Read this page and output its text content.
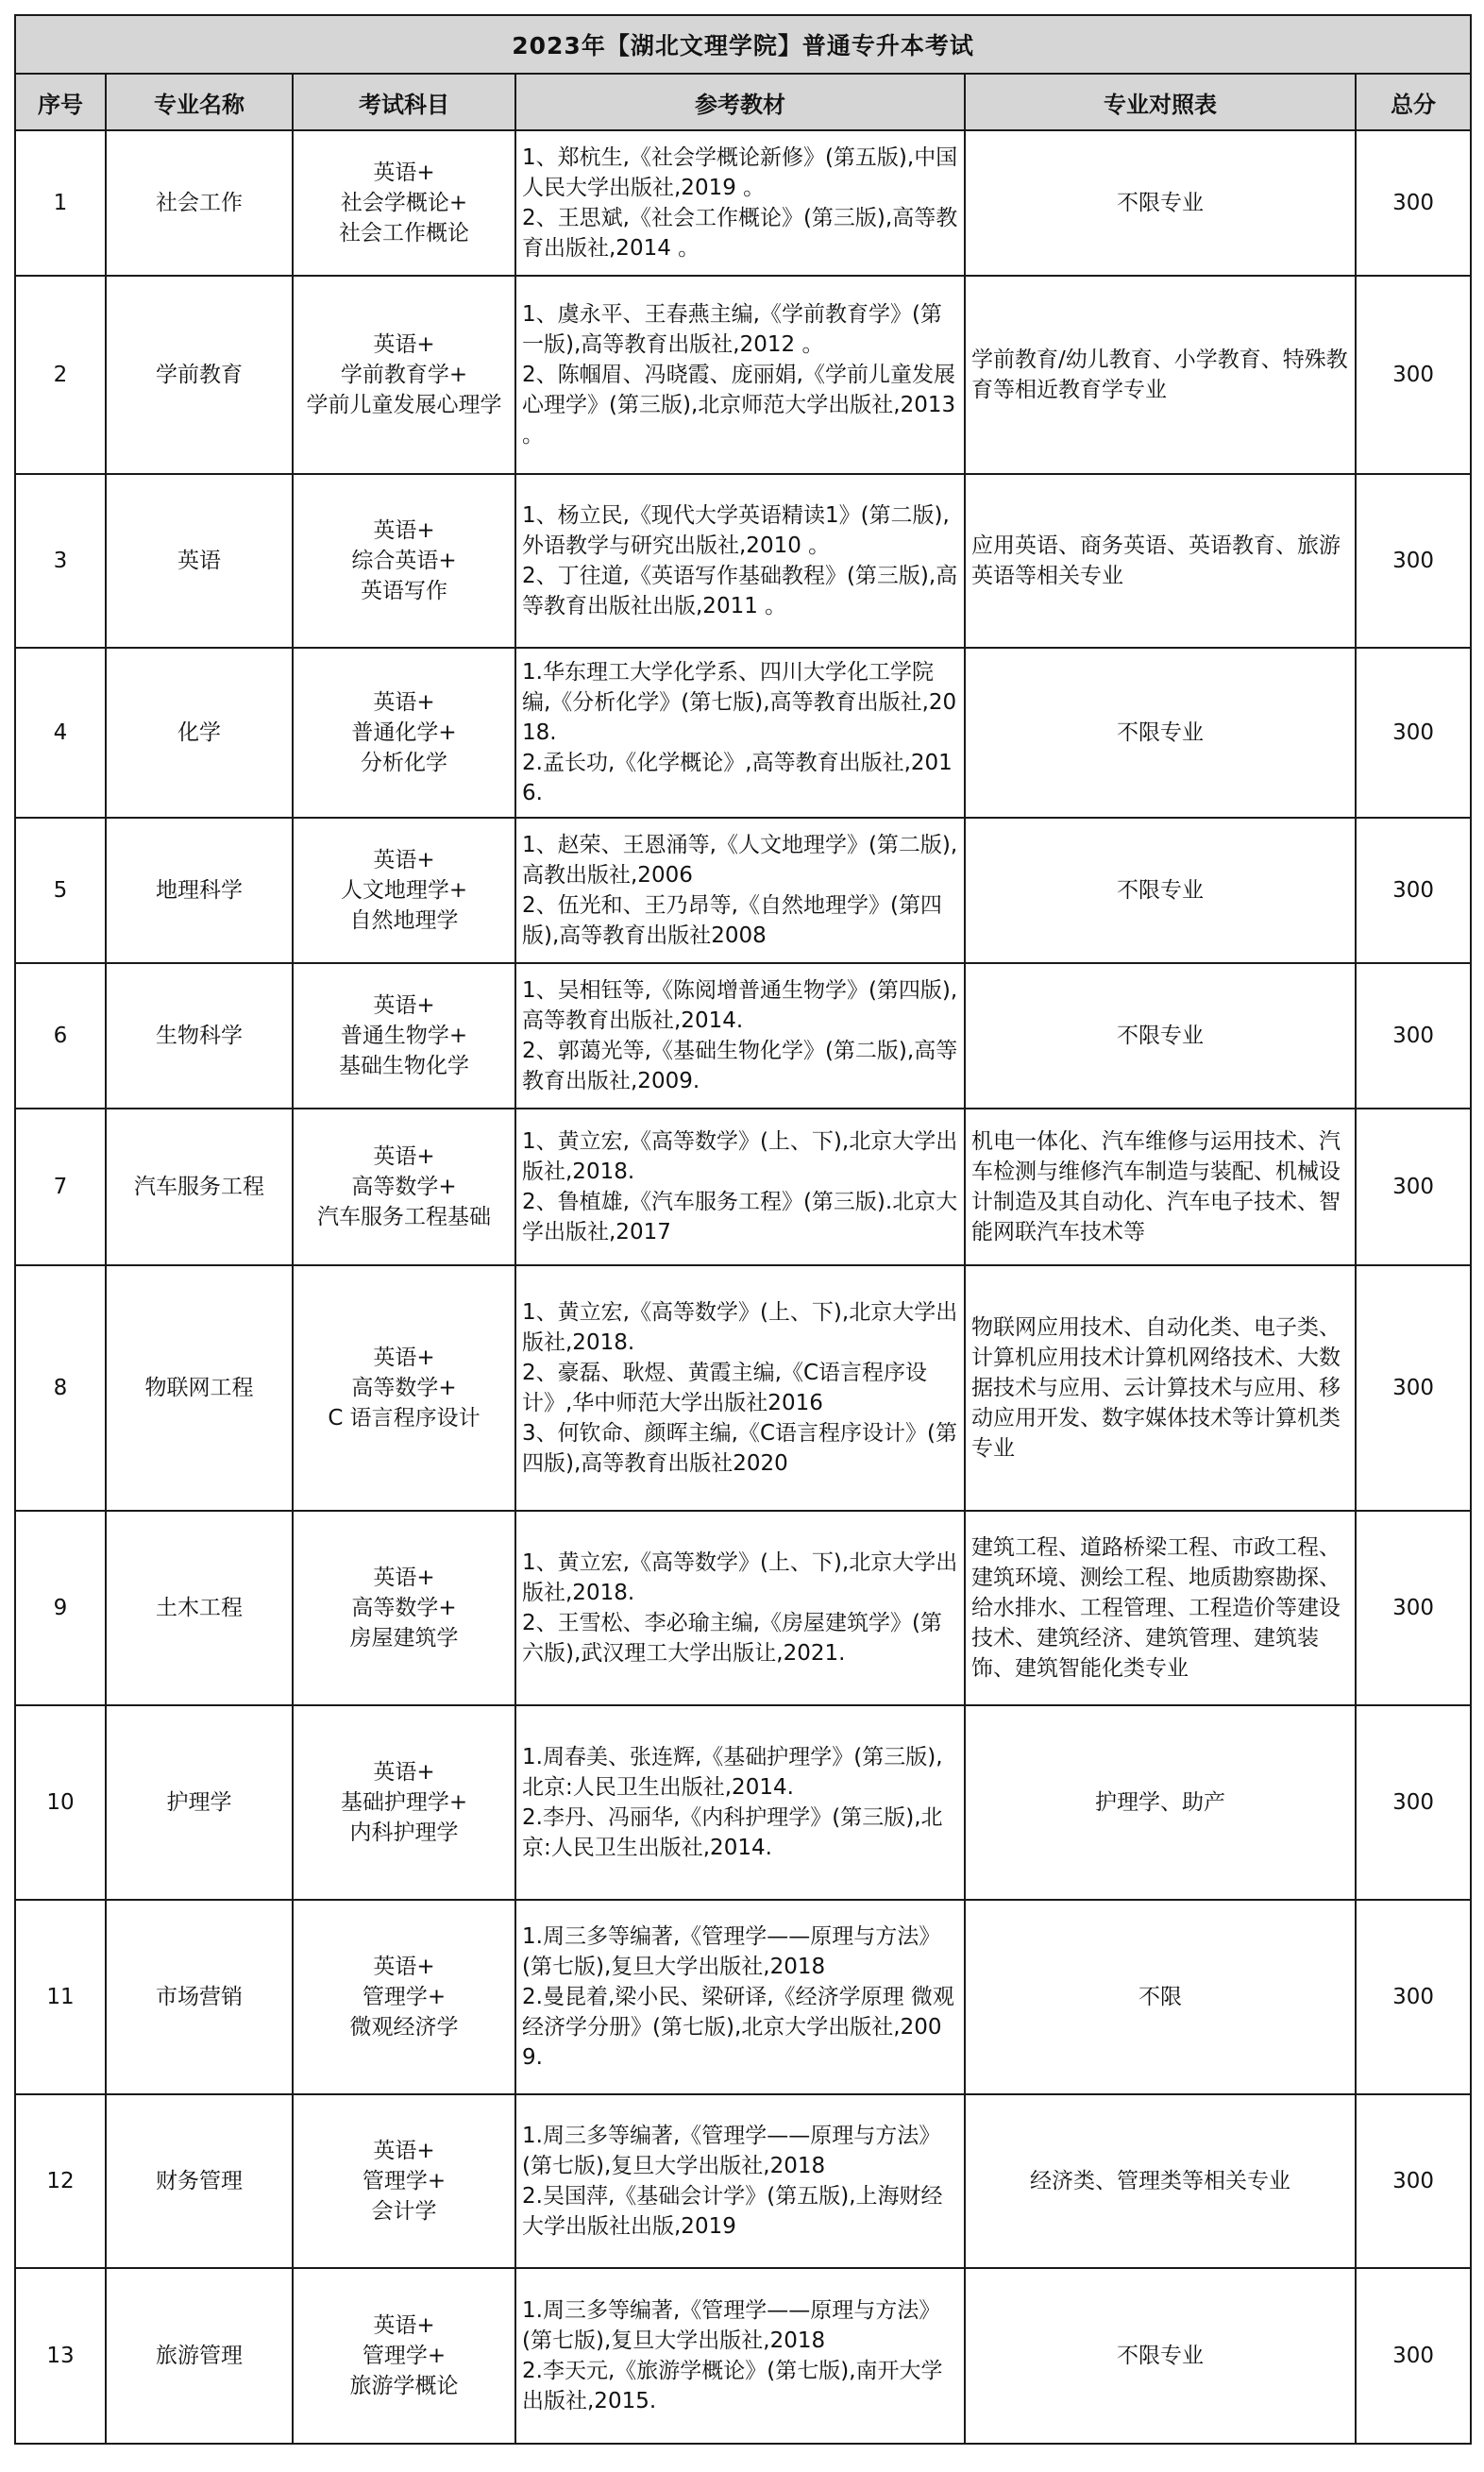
2023年【湖北文理学院】普通专升本考试					
序号	专业名称	考试科目	参考教材	专业对照表	总分
1	社会工作	英语+
社会学概论+
社会工作概论	1、郑杭生,《社会学概论新修》(第五版),中国人民大学出版社,2019 。
2、王思斌,《社会工作概论》(第三版),高等教育出版社,2014 。	不限专业	300
2	学前教育	英语+
学前教育学+
学前儿童发展心理学	1、虞永平、王春燕主编,《学前教育学》(第一版),高等教育出版社,2012 。
2、陈帼眉、冯晓霞、庞丽娟,《学前儿童发展心理学》(第三版),北京师范大学出版社,2013 。	学前教育/幼儿教育、小学教育、特殊教育等相近教育学专业	300
3	英语	英语+
综合英语+
英语写作	1、杨立民,《现代大学英语精读1》(第二版),外语教学与研究出版社,2010 。
2、丁往道,《英语写作基础教程》(第三版),高等教育出版社出版,2011 。	应用英语、商务英语、英语教育、旅游英语等相关专业	300
4	化学	英语+
普通化学+
分析化学	1.华东理工大学化学系、四川大学化工学院编,《分析化学》(第七版),高等教育出版社,2018.
2.孟长功,《化学概论》,高等教育出版社,2016.	不限专业	300
5	地理科学	英语+
人文地理学+
自然地理学	1、赵荣、王恩涌等,《人文地理学》(第二版),高教出版社,2006
2、伍光和、王乃昂等,《自然地理学》(第四版),高等教育出版社2008	不限专业	300
6	生物科学	英语+
普通生物学+
基础生物化学	1、吴相钰等,《陈阅增普通生物学》(第四版),高等教育出版社,2014.
2、郭蔼光等,《基础生物化学》(第二版),高等教育出版社,2009.	不限专业	300
7	汽车服务工程	英语+
高等数学+
汽车服务工程基础	1、黄立宏,《高等数学》(上、下),北京大学出版社,2018.
2、鲁植雄,《汽车服务工程》(第三版).北京大学出版社,2017	机电一体化、汽车维修与运用技术、汽车检测与维修汽车制造与装配、机械设计制造及其自动化、汽车电子技术、智能网联汽车技术等	300
8	物联网工程	英语+
高等数学+
C 语言程序设计	1、黄立宏,《高等数学》(上、下),北京大学出版社,2018.
2、豪磊、耿煜、黄霞主编,《C语言程序设计》,华中师范大学出版社2016
3、何钦命、颜晖主编,《C语言程序设计》(第四版),高等教育出版社2020	物联网应用技术、自动化类、电子类、计算机应用技术计算机网络技术、大数据技术与应用、云计算技术与应用、移动应用开发、数字媒体技术等计算机类专业	300
9	土木工程	英语+
高等数学+
房屋建筑学	1、黄立宏,《高等数学》(上、下),北京大学出版社,2018.
2、王雪松、李必瑜主编,《房屋建筑学》(第六版),武汉理工大学出版让,2021.	建筑工程、道路桥梁工程、市政工程、建筑环境、测绘工程、地质勘察勘探、给水排水、工程管理、工程造价等建设技术、建筑经济、建筑管理、建筑装饰、建筑智能化类专业	300
10	护理学	英语+
基础护理学+
内科护理学	1.周春美、张连辉,《基础护理学》(第三版),北京:人民卫生出版社,2014.
2.李丹、冯丽华,《内科护理学》(第三版),北京:人民卫生出版社,2014.	护理学、助产	300
11	市场营销	英语+
管理学+
微观经济学	1.周三多等编著,《管理学——原理与方法》(第七版),复旦大学出版社,2018
2.曼昆着,梁小民、梁研译,《经济学原理 微观经济学分册》(第七版),北京大学出版社,2009.	不限	300
12	财务管理	英语+
管理学+
会计学	1.周三多等编著,《管理学——原理与方法》(第七版),复旦大学出版社,2018
2.吴国萍,《基础会计学》(第五版),上海财经大学出版社出版,2019	经济类、管理类等相关专业	300
13	旅游管理	英语+
管理学+
旅游学概论	1.周三多等编著,《管理学——原理与方法》(第七版),复旦大学出版社,2018
2.李天元,《旅游学概论》(第七版),南开大学出版社,2015.	不限专业	300
